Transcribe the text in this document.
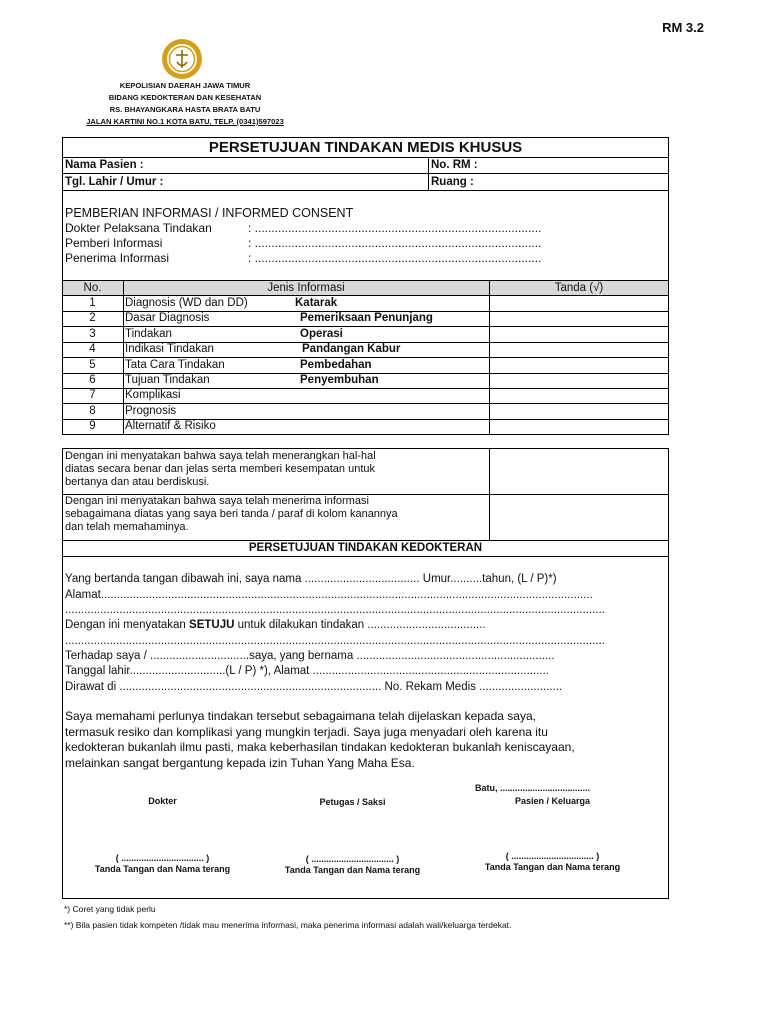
RM 3.2
KEPOLISIAN DAERAH JAWA TIMUR
BIDANG KEDOKTERAN DAN KESEHATAN
RS. BHAYANGKARA HASTA BRATA BATU
JALAN KARTINI NO.1 KOTA BATU, TELP. (0341)597023
PERSETUJUAN TINDAKAN MEDIS KHUSUS
Nama Pasien :	No. RM :
Tgl. Lahir / Umur :	Ruang :
PEMBERIAN INFORMASI / INFORMED CONSENT
Dokter Pelaksana Tindakan	: ......................................................................................
Pemberi Informasi	: ......................................................................................
Penerima Informasi	: ......................................................................................
No.	Jenis Informasi	Tanda (√)
1	Diagnosis (WD dan DD)	Katarak
2	Dasar Diagnosis	Pemeriksaan Penunjang
3	Tindakan	Operasi
4	Indikasi Tindakan	Pandangan Kabur
5	Tata Cara Tindakan	Pembedahan
6	Tujuan Tindakan	Penyembuhan
7	Komplikasi
8	Prognosis
9	Alternatif & Risiko
Dengan ini menyatakan bahwa saya telah menerangkan hal-hal
diatas secara benar dan jelas serta memberi kesempatan untuk
bertanya dan atau berdiskusi.
Dengan ini menyatakan bahwa saya telah menerima informasi
sebagaimana diatas yang saya beri tanda / paraf di kolom kanannya
dan telah memahaminya.
PERSETUJUAN TINDAKAN KEDOKTERAN
Yang bertanda tangan dibawah ini, saya nama .................................... Umur..........tahun, (L / P)*)
Alamat..........................................................................................................................................................
.........................................................................................................................................................................
Dengan ini menyatakan SETUJU untuk dilakukan tindakan .....................................
.........................................................................................................................................................................
Terhadap saya / ...............................saya, yang bernama ..............................................................
Tanggal lahir..............................(L / P) *), Alamat ..........................................................................
Dirawat di .................................................................................. No. Rekam Medis ..........................
Saya memahami perlunya tindakan tersebut sebagaimana telah dijelaskan kepada saya,
termasuk resiko dan komplikasi yang mungkin terjadi. Saya juga menyadari oleh karena itu
kedokteran bukanlah ilmu pasti, maka keberhasilan tindakan kedokteran bukanlah keniscayaan,
melainkan sangat bergantung kepada izin Tuhan Yang Maha Esa.
Batu, ....................................
Dokter	Petugas / Saksi	Pasien / Keluarga
( ................................. )	( ................................. )	( ................................. )
Tanda Tangan dan Nama terang	Tanda Tangan dan Nama terang	Tanda Tangan dan Nama terang
*) Coret yang tidak perlu
**) Bila pasien tidak kompeten /tidak mau menerima informasi, maka penerima informasi adalah wali/keluarga terdekat.
